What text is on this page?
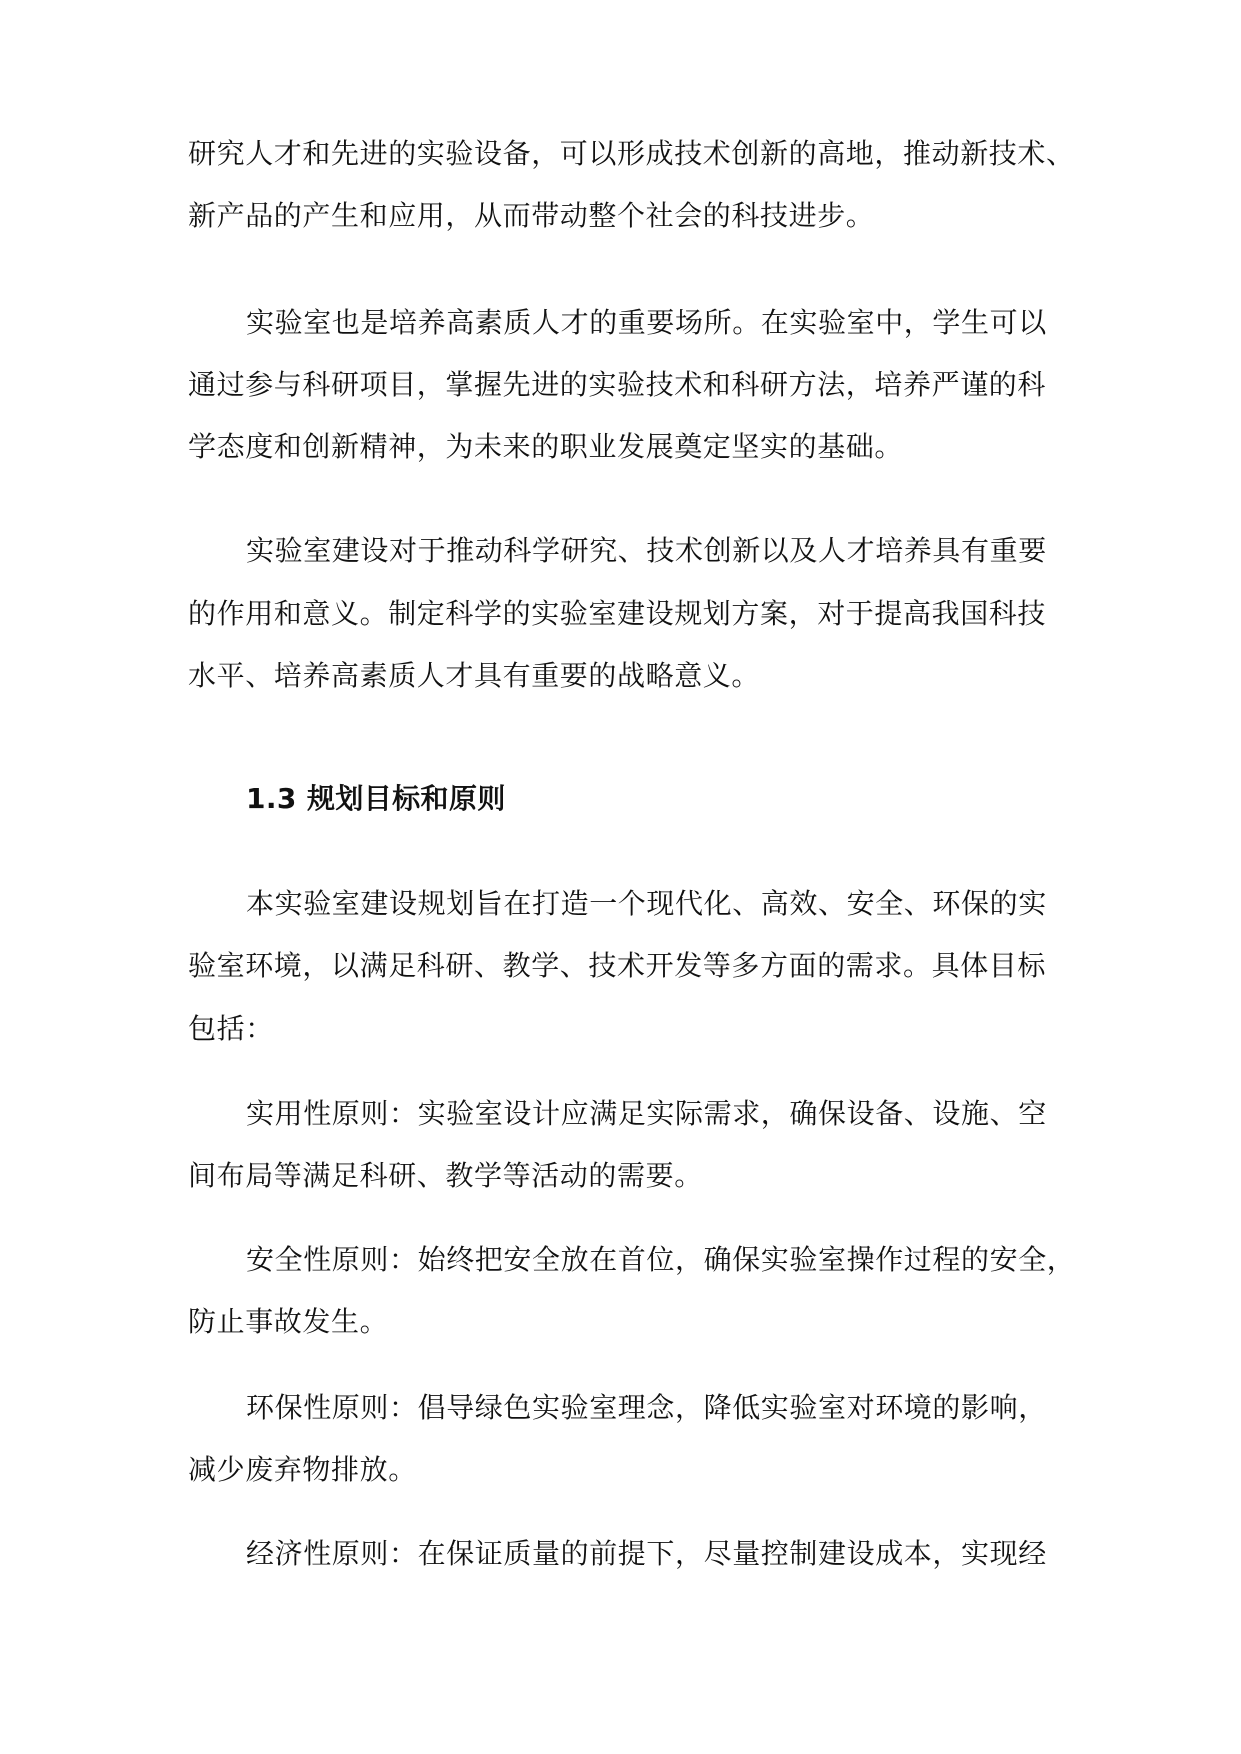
研究人才和先进的实验设备，可以形成技术创新的高地，推动新技术、
新产品的产生和应用，从而带动整个社会的科技进步。
实验室也是培养高素质人才的重要场所。在实验室中，学生可以
通过参与科研项目，掌握先进的实验技术和科研方法，培养严谨的科
学态度和创新精神，为未来的职业发展奠定坚实的基础。
实验室建设对于推动科学研究、技术创新以及人才培养具有重要
的作用和意义。制定科学的实验室建设规划方案，对于提高我国科技
水平、培养高素质人才具有重要的战略意义。
1.3 规划目标和原则
本实验室建设规划旨在打造一个现代化、高效、安全、环保的实
验室环境，以满足科研、教学、技术开发等多方面的需求。具体目标
包括：
实用性原则：实验室设计应满足实际需求，确保设备、设施、空
间布局等满足科研、教学等活动的需要。
安全性原则：始终把安全放在首位，确保实验室操作过程的安全，
防止事故发生。
环保性原则：倡导绿色实验室理念，降低实验室对环境的影响，
减少废弃物排放。
经济性原则：在保证质量的前提下，尽量控制建设成本，实现经
